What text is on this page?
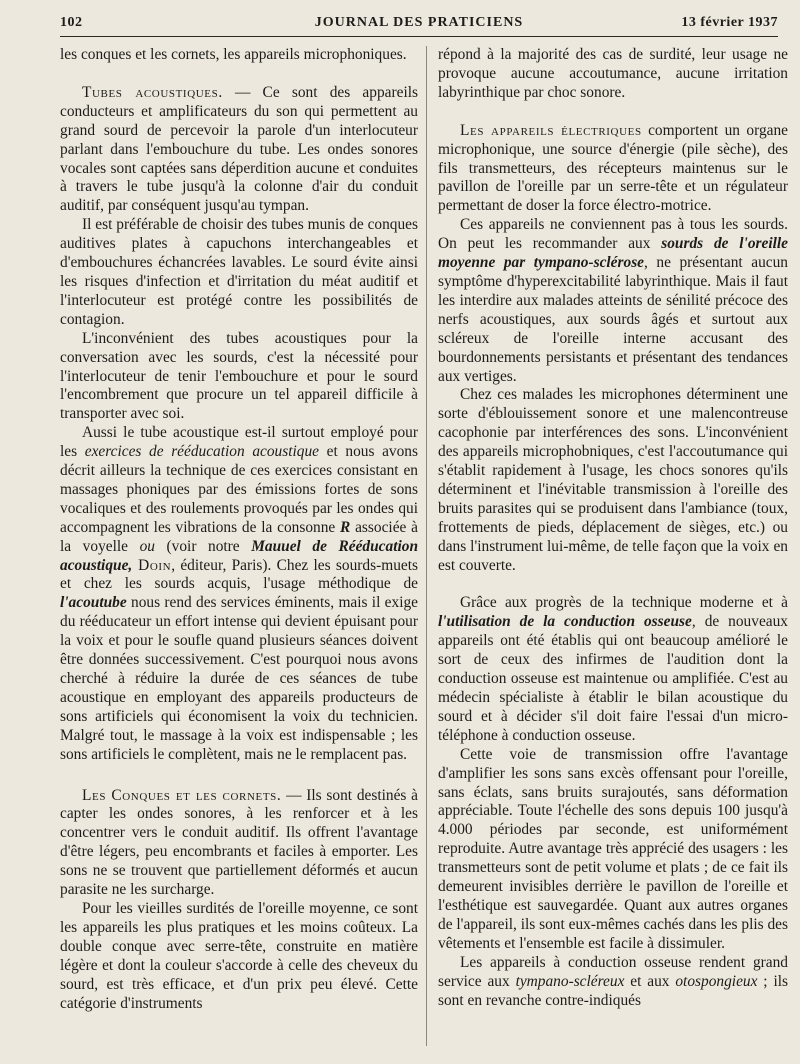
102	JOURNAL DES PRATICIENS	13 février 1937

les conques et les cornets, les appareils microphoniques.

Tubes acoustiques. — Ce sont des appareils conducteurs et amplificateurs du son qui permettent au grand sourd de percevoir la parole d'un interlocuteur parlant dans l'embouchure du tube. Les ondes sonores vocales sont captées sans déperdition aucune et conduites à travers le tube jusqu'à la colonne d'air du conduit auditif, par conséquent jusqu'au tympan.

Il est préférable de choisir des tubes munis de conques auditives plates à capuchons interchangeables et d'embouchures échancrées lavables. Le sourd évite ainsi les risques d'infection et d'irritation du méat auditif et l'interlocuteur est protégé contre les possibilités de contagion.

L'inconvénient des tubes acoustiques pour la conversation avec les sourds, c'est la nécessité pour l'interlocuteur de tenir l'embouchure et pour le sourd l'encombrement que procure un tel appareil difficile à transporter avec soi.

Aussi le tube acoustique est-il surtout employé pour les exercices de rééducation acoustique et nous avons décrit ailleurs la technique de ces exercices consistant en massages phoniques par des émissions fortes de sons vocaliques et des roulements provoqués par les ondes qui accompagnent les vibrations de la consonne R associée à la voyelle ou (voir notre Mauuel de Rééducation acoustique, Doin, éditeur, Paris). Chez les sourds-muets et chez les sourds acquis, l'usage méthodique de l'acoutube nous rend des services éminents, mais il exige du rééducateur un effort intense qui devient épuisant pour la voix et pour le soufle quand plusieurs séances doivent être données successivement. C'est pourquoi nous avons cherché à réduire la durée de ces séances de tube acoustique en employant des appareils producteurs de sons artificiels qui économisent la voix du technicien. Malgré tout, le massage à la voix est indispensable ; les sons artificiels le complètent, mais ne le remplacent pas.

Les Conques et les cornets. — Ils sont destinés à capter les ondes sonores, à les renforcer et à les concentrer vers le conduit auditif. Ils offrent l'avantage d'être légers, peu encombrants et faciles à emporter. Les sons ne se trouvent que partiellement déformés et aucun parasite ne les surcharge.

Pour les vieilles surdités de l'oreille moyenne, ce sont les appareils les plus pratiques et les moins coûteux. La double conque avec serre-tête, construite en matière légère et dont la couleur s'accorde à celle des cheveux du sourd, est très efficace, et d'un prix peu élevé. Cette catégorie d'instruments

répond à la majorité des cas de surdité, leur usage ne provoque aucune accoutumance, aucune irritation labyrinthique par choc sonore.

Les appareils électriques comportent un organe microphonique, une source d'énergie (pile sèche), des fils transmetteurs, des récepteurs maintenus sur le pavillon de l'oreille par un serre-tête et un régulateur permettant de doser la force électro-motrice.

Ces appareils ne conviennent pas à tous les sourds. On peut les recommander aux sourds de l'oreille moyenne par tympano-sclérose, ne présentant aucun symptôme d'hyperexcitabilité labyrinthique. Mais il faut les interdire aux malades atteints de sénilité précoce des nerfs acoustiques, aux sourds âgés et surtout aux scléreux de l'oreille interne accusant des bourdonnements persistants et présentant des tendances aux vertiges.

Chez ces malades les microphones déterminent une sorte d'éblouissement sonore et une malencontreuse cacophonie par interférences des sons. L'inconvénient des appareils microphobniques, c'est l'accoutumance qui s'établit rapidement à l'usage, les chocs sonores qu'ils déterminent et l'inévitable transmission à l'oreille des bruits parasites qui se produisent dans l'ambiance (toux, frottements de pieds, déplacement de sièges, etc.) ou dans l'instrument lui-même, de telle façon que la voix en est couverte.

Grâce aux progrès de la technique moderne et à l'utilisation de la conduction osseuse, de nouveaux appareils ont été établis qui ont beaucoup amélioré le sort de ceux des infirmes de l'audition dont la conduction osseuse est maintenue ou amplifiée. C'est au médecin spécialiste à établir le bilan acoustique du sourd et à décider s'il doit faire l'essai d'un micro-téléphone à conduction osseuse.

Cette voie de transmission offre l'avantage d'amplifier les sons sans excès offensant pour l'oreille, sans éclats, sans bruits surajoutés, sans déformation appréciable. Toute l'échelle des sons depuis 100 jusqu'à 4.000 périodes par seconde, est uniformément reproduite. Autre avantage très apprécié des usagers : les transmetteurs sont de petit volume et plats ; de ce fait ils demeurent invisibles derrière le pavillon de l'oreille et l'esthétique est sauvegardée. Quant aux autres organes de l'appareil, ils sont eux-mêmes cachés dans les plis des vêtements et l'ensemble est facile à dissimuler.

Les appareils à conduction osseuse rendent grand service aux tympano-scléreux et aux otospongieux ; ils sont en revanche contre-indiqués
